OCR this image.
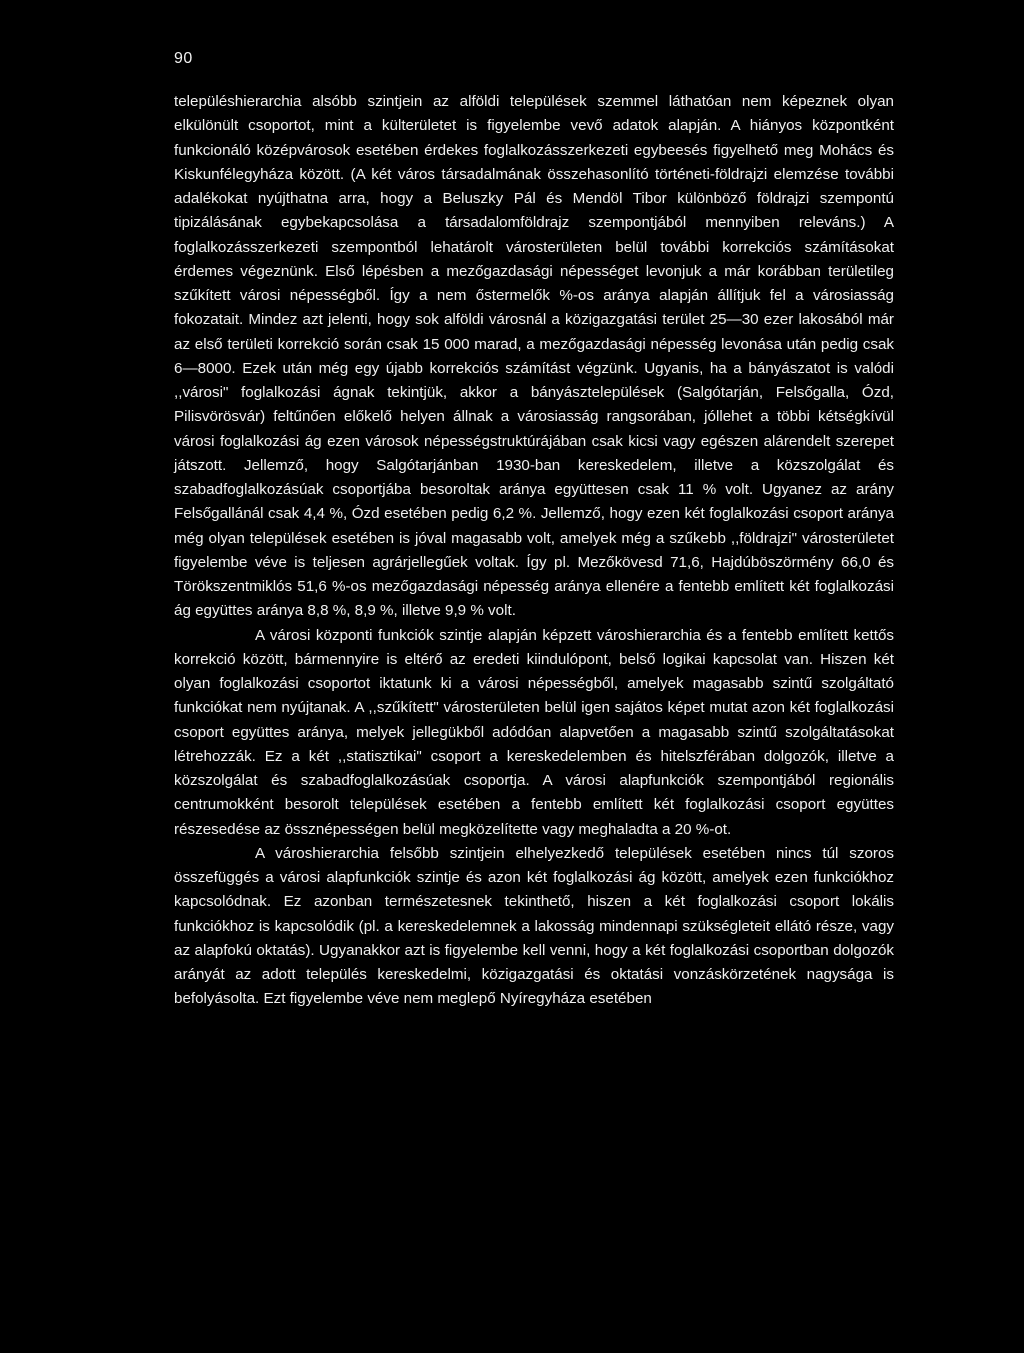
90

településhierarchia alsóbb szintjein az alföldi települések szemmel láthatóan nem képeznek olyan elkülönült csoportot, mint a külterületet is figyelembe vevő adatok alapján. A hiányos központként funkcionáló középvárosok esetében érdekes foglalkozásszerkezeti egybeesés figyelhető meg Mohács és Kiskunfélegyháza között. (A két város társadalmának összehasonlító történeti-földrajzi elemzése további adalékokat nyújthatna arra, hogy a Beluszky Pál és Mendöl Tibor különböző földrajzi szempontú tipizálásának egybekapcsolása a társadalomföldrajz szempontjából mennyiben releváns.) A foglalkozásszerkezeti szempontból lehatárolt városterületen belül további korrekciós számításokat érdemes végeznünk. Első lépésben a mezőgazdasági népességet levonjuk a már korábban területileg szűkített városi népességből. Így a nem őstermelők %-os aránya alapján állítjuk fel a városiasság fokozatait. Mindez azt jelenti, hogy sok alföldi városnál a közigazgatási terület 25—30 ezer lakosából már az első területi korrekció során csak 15 000 marad, a mezőgazdasági népesség levonása után pedig csak 6—8000. Ezek után még egy újabb korrekciós számítást végzünk. Ugyanis, ha a bányászatot is valódi ,,városi" foglalkozási ágnak tekintjük, akkor a bányásztelepülések (Salgótarján, Felsőgalla, Ózd, Pilisvörösvár) feltűnően előkelő helyen állnak a városiasság rangsorában, jóllehet a többi kétségkívül városi foglalkozási ág ezen városok népességstruktúrájában csak kicsi vagy egészen alárendelt szerepet játszott. Jellemző, hogy Salgótarjánban 1930-ban kereskedelem, illetve a közszolgálat és szabadfoglalkozásúak csoportjába besoroltak aránya együttesen csak 11 % volt. Ugyanez az arány Felsőgallánál csak 4,4 %, Ózd esetében pedig 6,2 %. Jellemző, hogy ezen két foglalkozási csoport aránya még olyan települések esetében is jóval magasabb volt, amelyek még a szűkebb ,,földrajzi" városterületet figyelembe véve is teljesen agrárjellegűek voltak. Így pl. Mezőkövesd 71,6, Hajdúböszörmény 66,0 és Törökszentmiklós 51,6 %-os mezőgazdasági népesség aránya ellenére a fentebb említett két foglalkozási ág együttes aránya 8,8 %, 8,9 %, illetve 9,9 % volt.

A városi központi funkciók szintje alapján képzett városhierarchia és a fentebb említett kettős korrekció között, bármennyire is eltérő az eredeti kiindulópont, belső logikai kapcsolat van. Hiszen két olyan foglalkozási csoportot iktatunk ki a városi népességből, amelyek magasabb szintű szolgáltató funkciókat nem nyújtanak. A ,,szűkített" városterületen belül igen sajátos képet mutat azon két foglalkozási csoport együttes aránya, melyek jellegükből adódóan alapvetően a magasabb szintű szolgáltatásokat létrehozzák. Ez a két ,,statisztikai" csoport a kereskedelemben és hitelszférában dolgozók, illetve a közszolgálat és szabadfoglalkozásúak csoportja. A városi alapfunkciók szempontjából regionális centrumokként besorolt települések esetében a fentebb említett két foglalkozási csoport együttes részesedése az össznépességen belül megközelítette vagy meghaladta a 20 %-ot.

A városhierarchia felsőbb szintjein elhelyezkedő települések esetében nincs túl szoros összefüggés a városi alapfunkciók szintje és azon két foglalkozási ág között, amelyek ezen funkciókhoz kapcsolódnak. Ez azonban természetesnek tekinthető, hiszen a két foglalkozási csoport lokális funkciókhoz is kapcsolódik (pl. a kereskedelemnek a lakosság mindennapi szükségleteit ellátó része, vagy az alapfokú oktatás). Ugyanakkor azt is figyelembe kell venni, hogy a két foglalkozási csoportban dolgozók arányát az adott település kereskedelmi, közigazgatási és oktatási vonzáskörzetének nagysága is befolyásolta. Ezt figyelembe véve nem meglepő Nyíregyháza esetében
